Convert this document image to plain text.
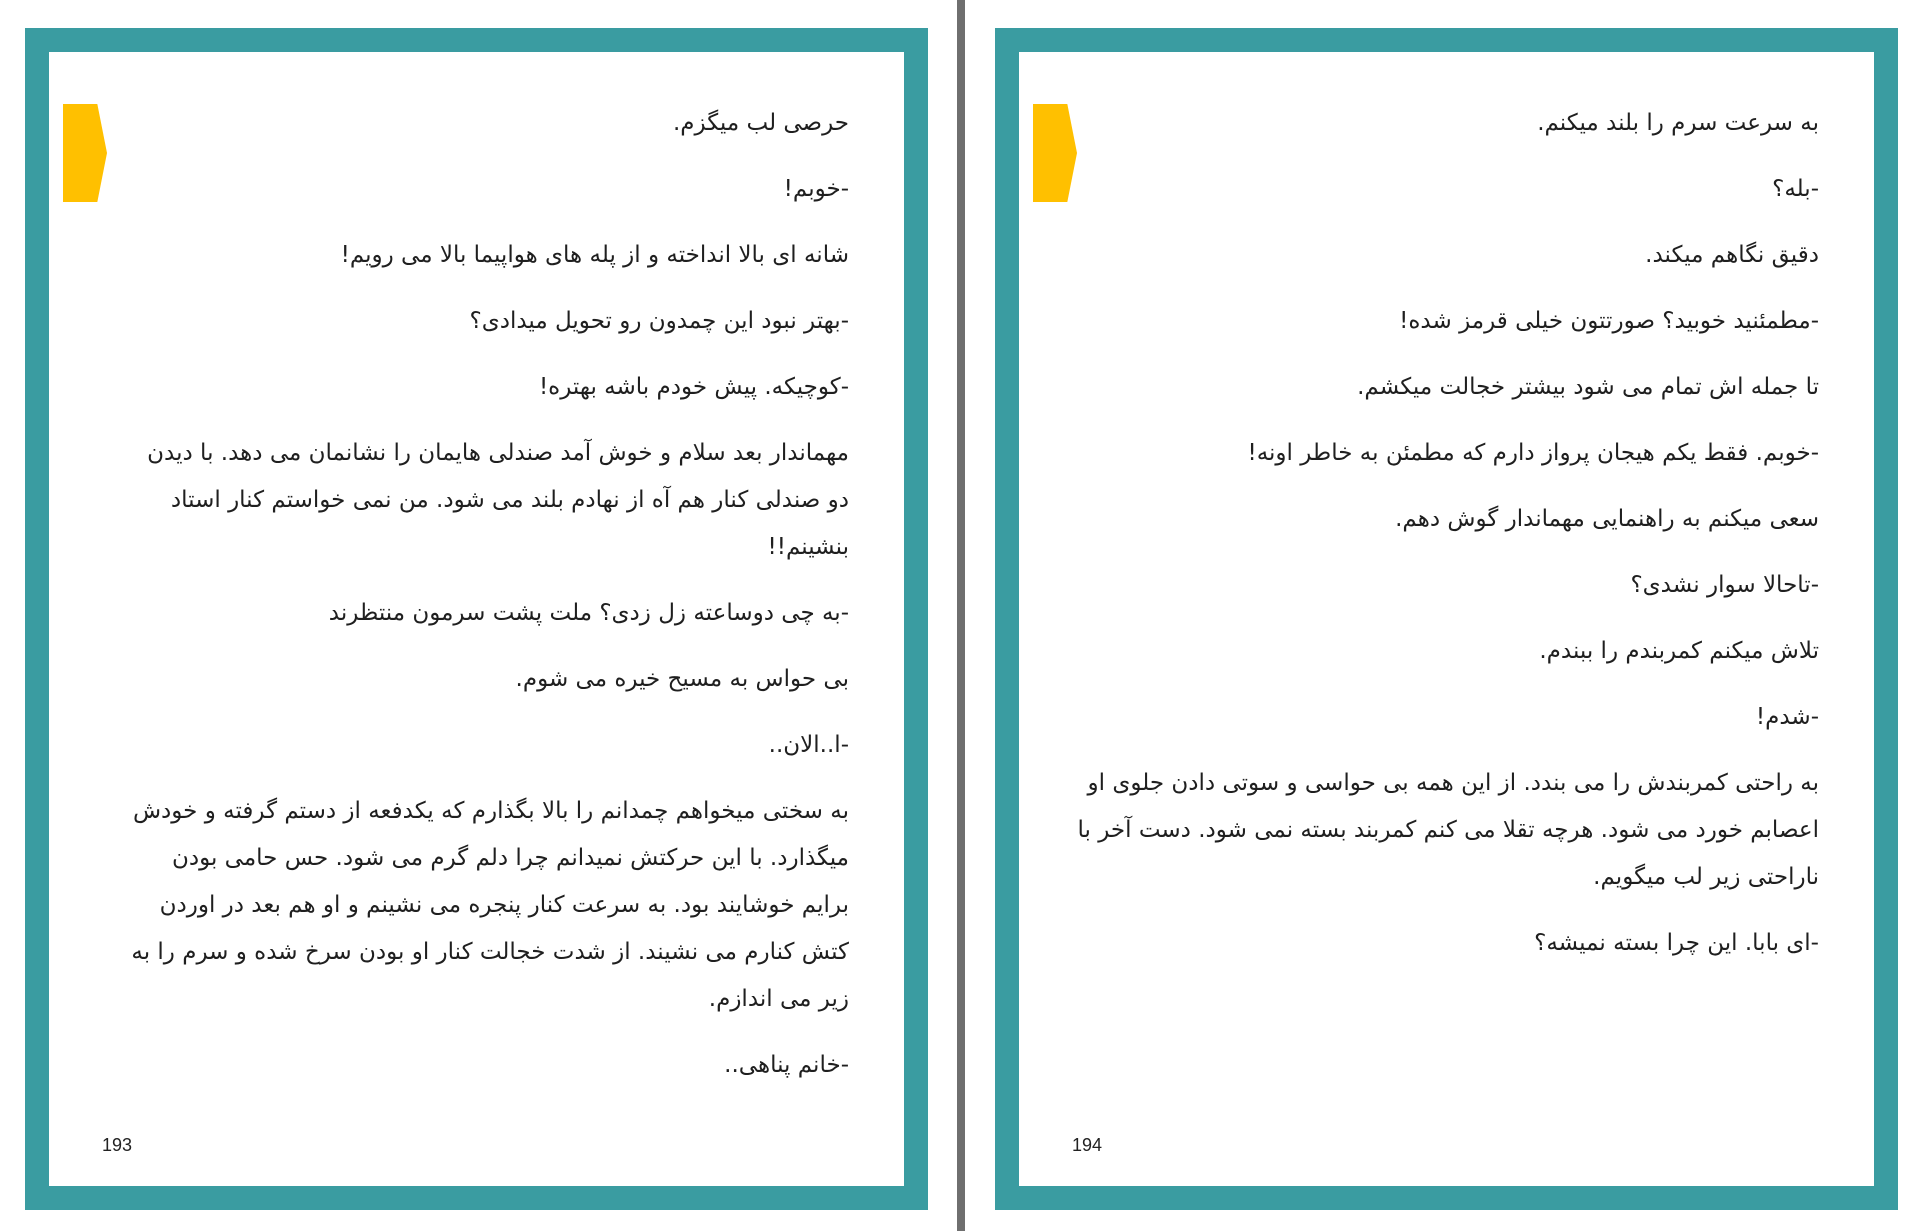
حرصی لب میگزم.

-خوبم!

شانه ای بالا انداخته و از پله های هواپیما بالا می رویم!

-بهتر نبود این چمدون رو تحویل میدادی؟

-کوچیکه. پیش خودم باشه بهتره!

مهماندار بعد سلام و خوش آمد صندلی هایمان را نشانمان می دهد. با دیدن دو صندلی کنار هم آه از نهادم بلند می شود. من نمی خواستم کنار استاد بنشینم!!

-به چی دوساعته زل زدی؟ ملت پشت سرمون منتظرند

بی حواس به مسیح خیره می شوم.

-ا..الان..

به سختی میخواهم چمدانم را بالا بگذارم که یکدفعه از دستم گرفته و خودش میگذارد. با این حرکتش نمیدانم چرا دلم گرم می شود. حس حامی بودن برایم خوشایند بود. به سرعت کنار پنجره می نشینم و او هم بعد در اوردن کتش کنارم می نشیند. از شدت خجالت کنار او بودن سرخ شده و سرم را به زیر می اندازم.

-خانم پناهی..

193

به سرعت سرم را بلند میکنم.

-بله؟

دقیق نگاهم میکند.

-مطمئنید خوبید؟ صورتتون خیلی قرمز شده!

تا جمله اش تمام می شود بیشتر خجالت میکشم.

-خوبم. فقط یکم هیجان پرواز دارم که مطمئن به خاطر اونه!

سعی میکنم به راهنمایی مهماندار گوش دهم.

-تاحالا سوار نشدی؟

تلاش میکنم کمربندم را ببندم.

-شدم!

به راحتی کمربندش را می بندد. از این همه بی حواسی و سوتی دادن جلوی او اعصابم خورد می شود. هرچه تقلا می کنم کمربند بسته نمی شود. دست آخر با ناراحتی زیر لب میگویم.

-ای بابا. این چرا بسته نمیشه؟

194
